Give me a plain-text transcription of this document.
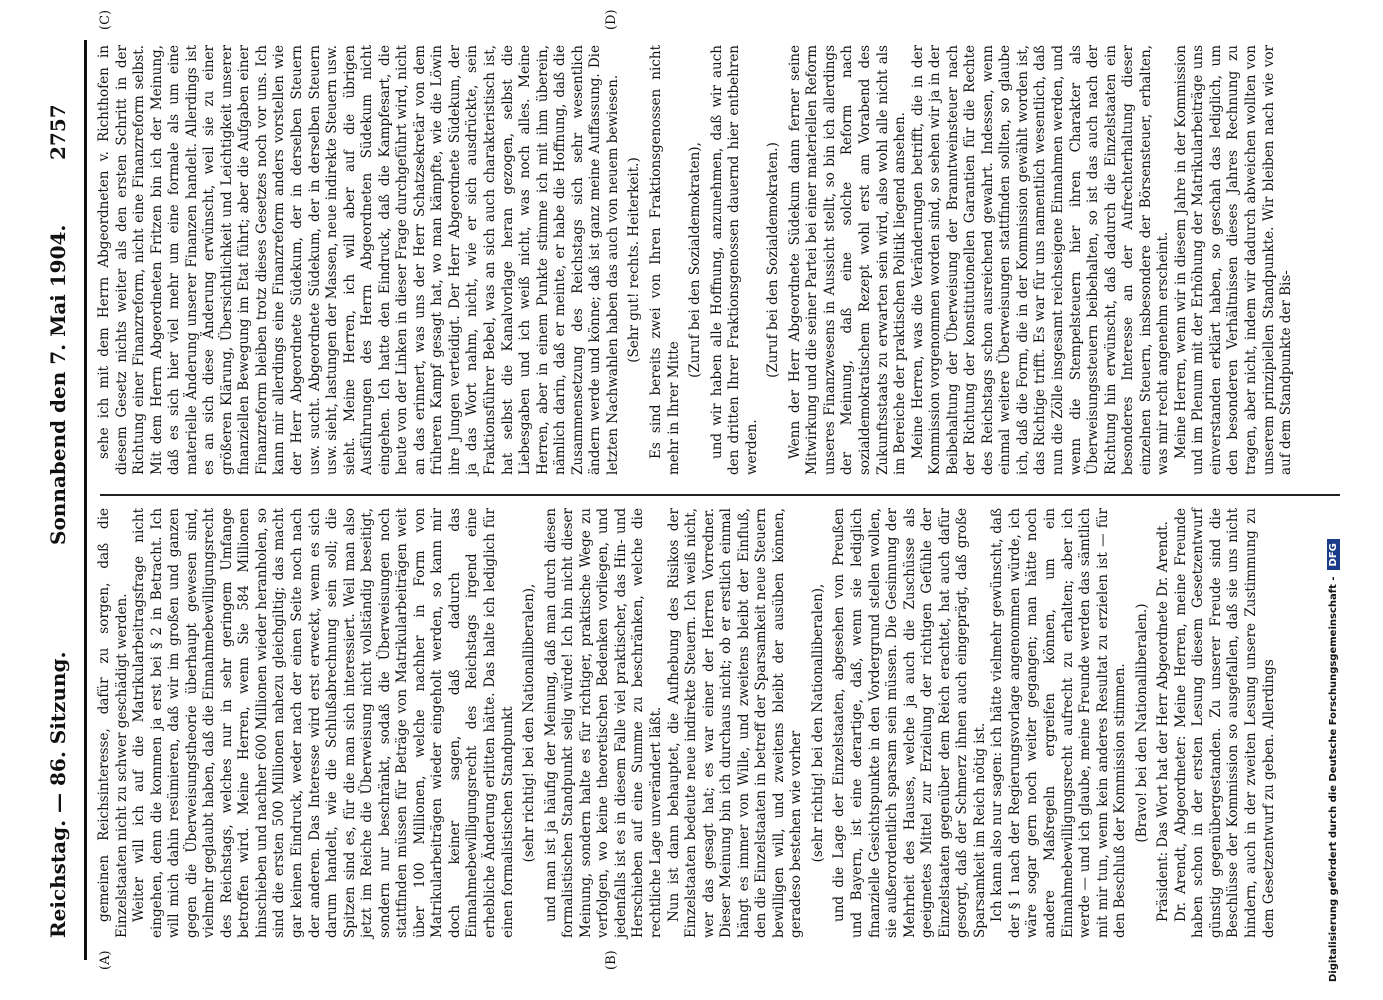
Reichstag. — 86. Sitzung.
Sonnabend den 7. Mai 1904.
2757
(A)	(B)
(C)	(D)

gemeinen Reichsinteresse, dafür zu sorgen, daß die Einzelstaaten nicht zu schwer geschädigt werden. Weiter will ich auf die Matrikularbeitragsfrage nicht eingehen, denn die kommen ja erst bei § 2 in Betracht. Ich will mich dahin resümieren, daß wir im großen und ganzen gegen die Überweisungstheorie überhaupt gewesen sind, vielmehr geglaubt haben, daß die Einnahmebewilligungsrecht des Reichstags, welches nur in sehr geringem Umfange betroffen wird. Meine Herren, wenn Sie 584 Millionen hinschieben und nachher 600 Millionen wieder heranholen, so sind die ersten 500 Millionen nahezu gleichgiltig; das macht gar keinen Eindruck, weder nach der einen Seite noch nach der anderen. Das Interesse wird erst erweckt, wenn es sich darum handelt, wie die Schlußabrechnung sein soll; die Spitzen sind es, für die man sich interessiert. Weil man also jetzt im Reiche die Überweisung nicht vollständig beseitigt, sondern nur beschränkt, sodaß die Überweisungen noch stattfinden müssen für Beträge von Matrikularbeiträgen weit über 100 Millionen, welche nachher in Form von Matrikularbeiträgen wieder eingeholt werden, so kann mir doch keiner sagen, daß dadurch das Einnahmebewilligungsrecht des Reichstags irgend eine erhebliche Änderung erlitten hätte. Das halte ich lediglich für einen formalistischen Standpunkt (sehr richtig! bei den Nationalliberalen), und man ist ja häufig der Meinung, daß man durch diesen formalistischen Standpunkt selig würde! Ich bin nicht dieser Meinung, sondern halte es für richtiger, praktische Wege zu verfolgen, wo keine theoretischen Bedenken vorliegen, und jedenfalls ist es in diesem Falle viel praktischer, das Hin- und Herschieben auf eine Summe zu beschränken, welche die rechtliche Lage unverändert läßt. Nun ist dann behauptet, die Aufhebung des Risikos der Einzelstaaten bedeute neue indirekte Steuern. Ich weiß nicht, wer das gesagt hat; es war einer der Herren Vorredner. Dieser Meinung bin ich durchaus nicht; ob er erstlich einmal hängt es immer von Wille, und zweitens bleibt der Einfluß, den die Einzelstaaten in betreff der Sparsamkeit neue Steuern bewilligen will, und zweitens bleibt der ausüben können, geradeso bestehen wie vorher (sehr richtig! bei den Nationalliberalen), und die Lage der Einzelstaaten, abgesehen von Preußen und Bayern, ist eine derartige, daß, wenn sie lediglich finanzielle Gesichtspunkte in den Vordergrund stellen wollen, sie außerordentlich sparsam sein müssen. Die Gesinnung der Mehrheit des Hauses, welche ja auch die Zuschüsse als geeignetes Mittel zur Erzielung der richtigen Gefühle der Einzelstaaten gegenüber dem Reich erachtet, hat auch dafür gesorgt, daß der Schmerz ihnen auch eingeprägt, daß große Sparsamkeit im Reich nötig ist. Ich kann also nur sagen: ich hätte vielmehr gewünscht, daß der § 1 nach der Regierungsvorlage angenommen würde, ich wäre sogar gern noch weiter gegangen; man hätte noch andere Maßregeln ergreifen können, um ein Einnahmebewilligungsrecht aufrecht zu erhalten; aber ich werde — und ich glaube, meine Freunde werden das sämtlich mit mir tun, wenn kein anderes Resultat zu erzielen ist — für den Beschluß der Kommission stimmen. (Bravo! bei den Nationalliberalen.) Präsident: Das Wort hat der Herr Abgeordnete Dr. Arendt. Dr. Arendt, Abgeordneter: Meine Herren, meine Freunde haben schon in der ersten Lesung diesem Gesetzentwurf günstig gegenübergestanden. Zu unserer Freude sind die Beschlüsse der Kommission so ausgefallen, daß sie uns nicht hindern, auch in der zweiten Lesung unsere Zustimmung zu dem Gesetzentwurf zu geben. Allerdings

sehe ich mit dem Herrn Abgeordneten v. Richthofen in diesem Gesetz nichts weiter als den ersten Schritt in der Richtung einer Finanzreform, nicht eine Finanzreform selbst. Mit dem Herrn Abgeordneten Fritzen bin ich der Meinung, daß es sich hier viel mehr um eine formale als um eine materielle Änderung unserer Finanzen handelt. Allerdings ist es an sich diese Änderung erwünscht, weil sie zu einer größeren Klärung, Übersichtlichkeit und Leichtigkeit unserer finanziellen Bewegung im Etat führt; aber die Aufgaben einer Finanzreform bleiben trotz dieses Gesetzes noch vor uns. Ich kann mir allerdings eine Finanzreform anders vorstellen wie der Herr Abgeordnete Südekum, der in derselben Steuern usw. sucht. Abgeordnete Südekum, der in derselben Steuern usw. sieht, lastungen der Massen, neue indirekte Steuern usw. sieht. Meine Herren, ich will aber auf die übrigen Ausführungen des Herrn Abgeordneten Südekum nicht eingehen. Ich hatte den Eindruck, daß die Kampfesart, die heute von der Linken in dieser Frage durchgeführt wird, nicht an das erinnert, was uns der Herr Schatzsekretär von dem früheren Kampf gesagt hat, wo man kämpfte, wie die Löwin ihre Jungen verteidigt. Der Herr Abgeordnete Südekum, der ja das Wort nahm, nicht, wie er sich ausdrückte, sein Fraktionsführer Bebel, was an sich auch charakteristisch ist, hat selbst die Kanalvorlage heran gezogen, selbst die Liebesgaben und ich weiß nicht, was noch alles. Meine Herren, aber in einem Punkte stimme ich mit ihm überein, nämlich darin, daß er meinte, er habe die Hoffnung, daß die Zusammensetzung des Reichstags sich sehr wesentlich ändern werde und könne; daß ist ganz meine Auffassung. Die letzten Nachwahlen haben das auch von neuem bewiesen. (Sehr gut! rechts. Heiterkeit.) Es sind bereits zwei von Ihren Fraktionsgenossen nicht mehr in Ihrer Mitte

(Zuruf bei den Sozialdemokraten), und wir haben alle Hoffnung, anzunehmen, daß wir auch den dritten Ihrer Fraktionsgenossen dauernd hier entbehren werden.

(Zuruf bei den Sozialdemokraten.) Wenn der Herr Abgeordnete Südekum dann ferner seine Mitwirkung und die seiner Partei bei einer materiellen Reform unseres Finanzwesens in Aussicht stellt, so bin ich allerdings der Meinung, daß eine solche Reform nach sozialdemokratischem Rezept wohl erst am Vorabend des Zukunftsstaats zu erwarten sein wird, also wohl alle nicht als im Bereiche der praktischen Politik liegend ansehen. Meine Herren, was die Veränderungen betrifft, die in der Kommission vorgenommen worden sind, so sehen wir ja in der Beibehaltung der Überweisung der Branntweinsteuer nach der Richtung der konstitutionellen Garantien für die Rechte des Reichstags schon ausreichend gewahrt. Indessen, wenn einmal weitere Überweisungen stattfinden sollten, so glaube ich, daß die Form, die in der Kommission gewählt worden ist, das Richtige trifft. Es war für uns namentlich wesentlich, daß nun die Zölle insgesamt reichseigene Einnahmen werden, und wenn die Stempelsteuern hier ihren Charakter als Überweisungssteuern beibehalten, so ist das auch nach der Richtung hin erwünscht, daß dadurch die Einzelstaaten ein besonderes Interesse an der Aufrechterhaltung dieser einzelnen Steuern, insbesondere der Börsensteuer, erhalten, was mir recht angenehm erscheint. Meine Herren, wenn wir in diesem Jahre in der Kommission und im Plenum mit der Erhöhung der Matrikularbeiträge uns einverstanden erklärt haben, so geschah das lediglich, um den besonderen Verhältnissen dieses Jahres Rechnung zu tragen, aber nicht, indem wir dadurch abweichen wollten von unserem prinzipiellen Standpunkte. Wir bleiben nach wie vor auf dem Standpunkte der Bis-

Digitalisierung gefördert durch die Deutsche Forschungsgemeinschaft -
DFG
